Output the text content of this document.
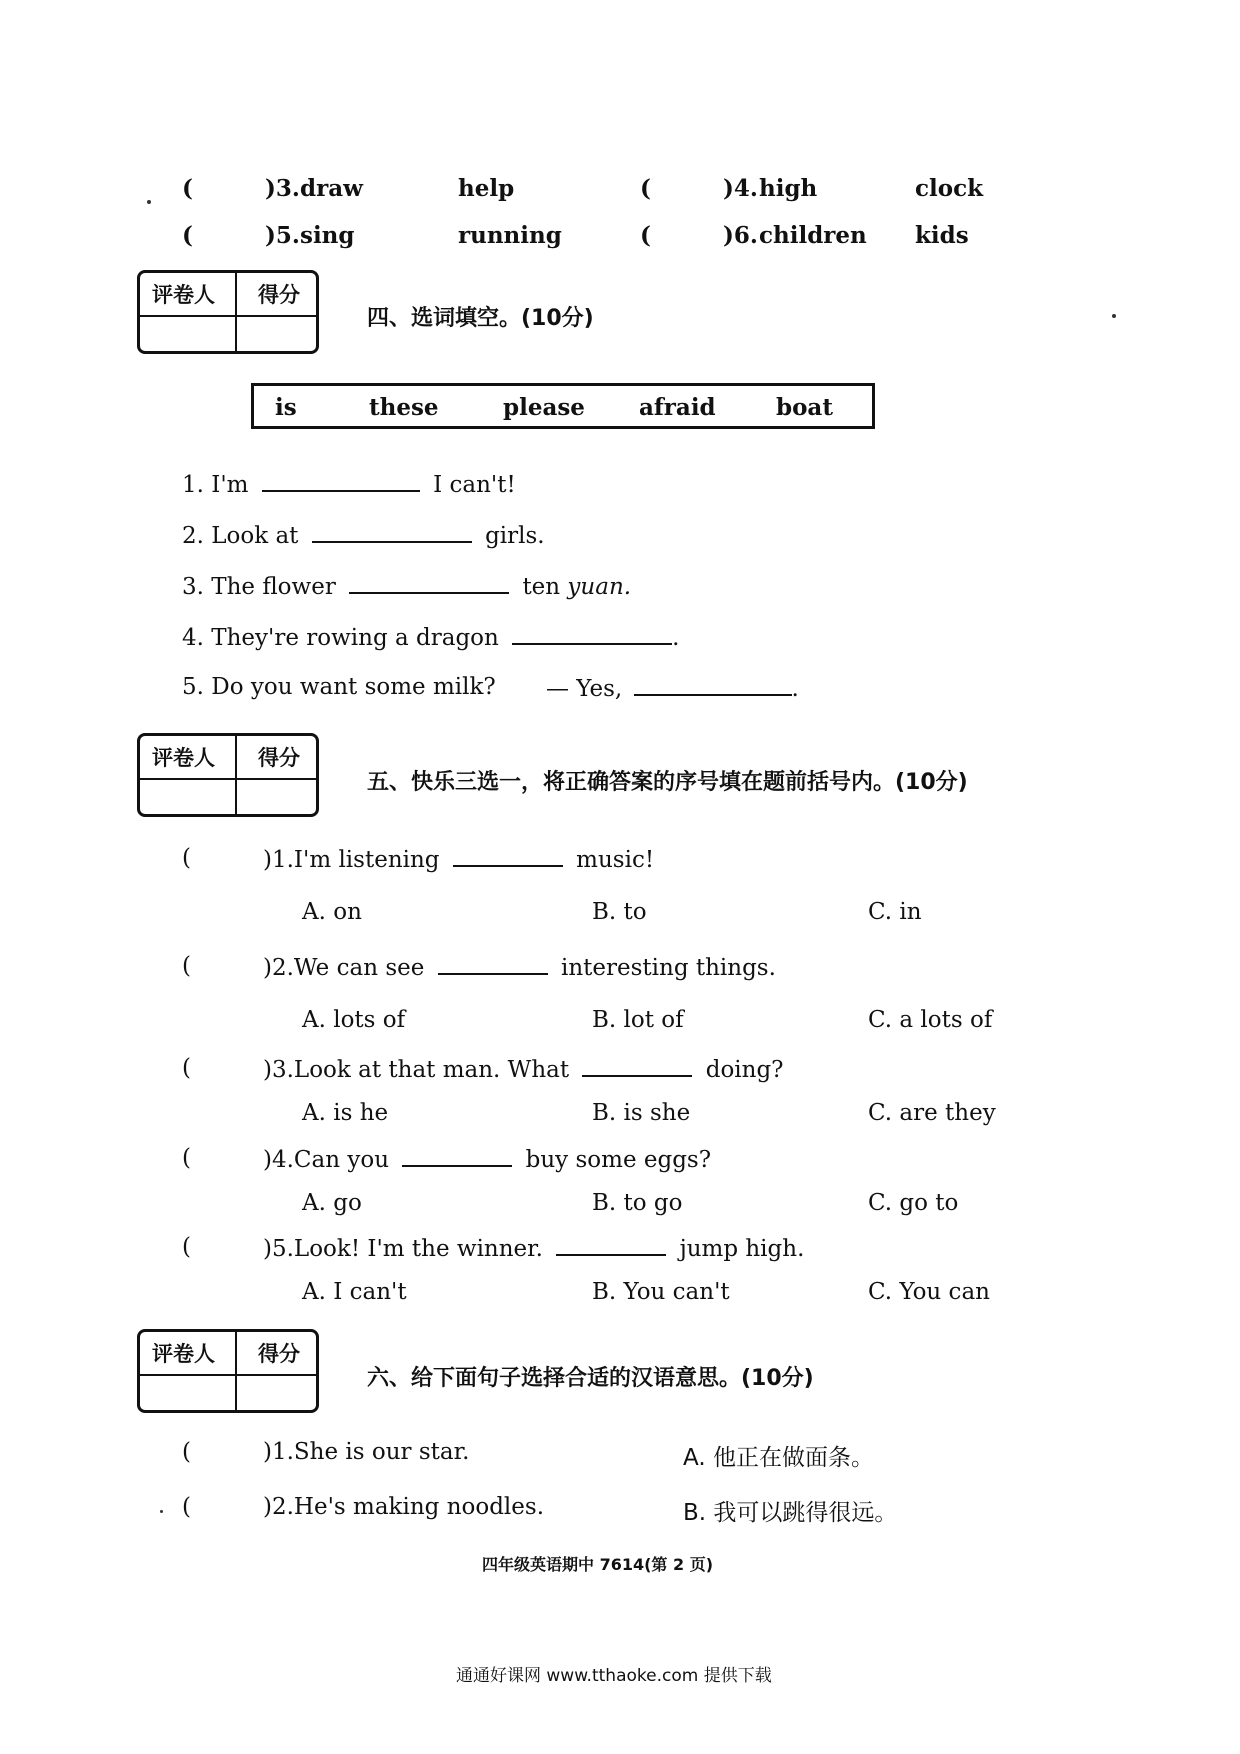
(	)3. draw	help	(	)4. high	clock
(	)5. sing	running	(	)6. children kids
评卷人 得分
四、选词填空。(10分)
is	these	please afraid	boat
1. I'm	I can't!
2. Look at	girls.
3. The flower	ten yuan.
4. They're rowing a dragon	.
5. Do you want some milk? — Yes,	.
评卷人 得分
五、快乐三选一，将正确答案的序号填在题前括号内。(10分)
(	)1.I'm listening	music!
A. on	B. to	C. in
(	)2.We can see	interesting things.
A. lots of	B. lot of	C. a lots of
(	)3.Look at that man. What	doing?
A. is he	B. is she	C. are they
(	)4.Can you	buy some eggs?
A. go	B. to go	C. go to
(	)5.Look! I'm the winner.	jump high.
A. I can't	B. You can't	C. You can
评卷人 得分
六、给下面句子选择合适的汉语意思。(10分)
(	)1.She is our star.	A. 他正在做面条。
(	)2.He's making noodles.	B. 我可以跳得很远。
四年级英语期中 7614(第 2 页)
通通好课网 www.tthaoke.com 提供下载
